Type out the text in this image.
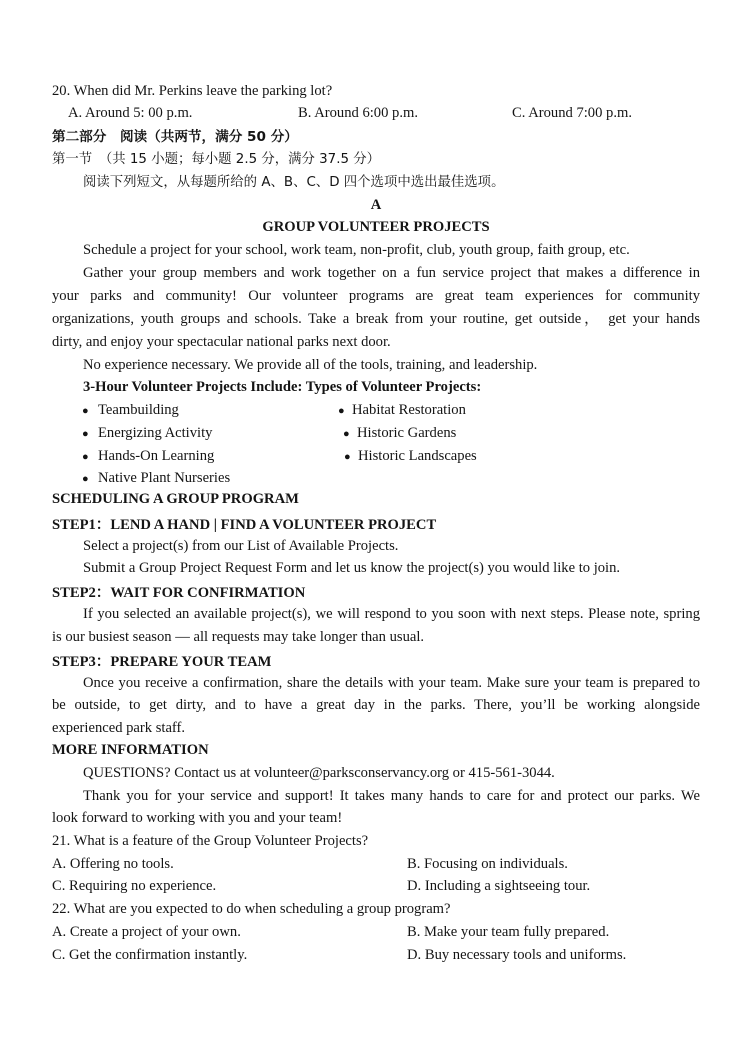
20. When did Mr. Perkins leave the parking lot?
A. Around 5: 00 p.m.	B. Around 6:00 p.m.	C. Around 7:00 p.m.
第二部分　阅读（共两节，满分 50 分）
第一节　（共 15 小题；每小题 2.5 分，满分 37.5 分）
阅读下列短文，从每题所给的 A、B、C、D 四个选项中选出最佳选项。
A
GROUP VOLUNTEER PROJECTS
Schedule a project for your school, work team, non-profit, club, youth group, faith group, etc.
Gather your group members and work together on a fun service project that makes a difference in
your parks and community! Our volunteer programs are great team experiences for community
organizations, youth groups and schools. Take a break from your routine, get outside， get your hands
dirty, and enjoy your spectacular national parks next door.
No experience necessary. We provide all of the tools, training, and leadership.
3-Hour Volunteer Projects Include: Types of Volunteer Projects:
● Teambuilding
● Energizing Activity
● Hands-On Learning
● Native Plant Nurseries
● Habitat Restoration
● Historic Gardens
● Historic Landscapes
SCHEDULING A GROUP PROGRAM
STEP1：LEND A HAND | FIND A VOLUNTEER PROJECT
Select a project(s) from our List of Available Projects.
Submit a Group Project Request Form and let us know the project(s) you would like to join.
STEP2：WAIT FOR CONFIRMATION
If you selected an available project(s), we will respond to you soon with next steps. Please note, spring
is our busiest season — all requests may take longer than usual.
STEP3：PREPARE YOUR TEAM
Once you receive a confirmation, share the details with your team. Make sure your team is prepared to
be outside, to get dirty, and to have a great day in the parks. There, you’ll be working alongside
experienced park staff.
MORE INFORMATION
QUESTIONS? Contact us at volunteer@parksconservancy.org or 415-561-3044.
Thank you for your service and support! It takes many hands to care for and protect our parks. We
look forward to working with you and your team!
21. What is a feature of the Group Volunteer Projects?
A. Offering no tools.	B. Focusing on individuals.
C. Requiring no experience.	D. Including a sightseeing tour.
22. What are you expected to do when scheduling a group program?
A. Create a project of your own.	B. Make your team fully prepared.
C. Get the confirmation instantly.	D. Buy necessary tools and uniforms.
